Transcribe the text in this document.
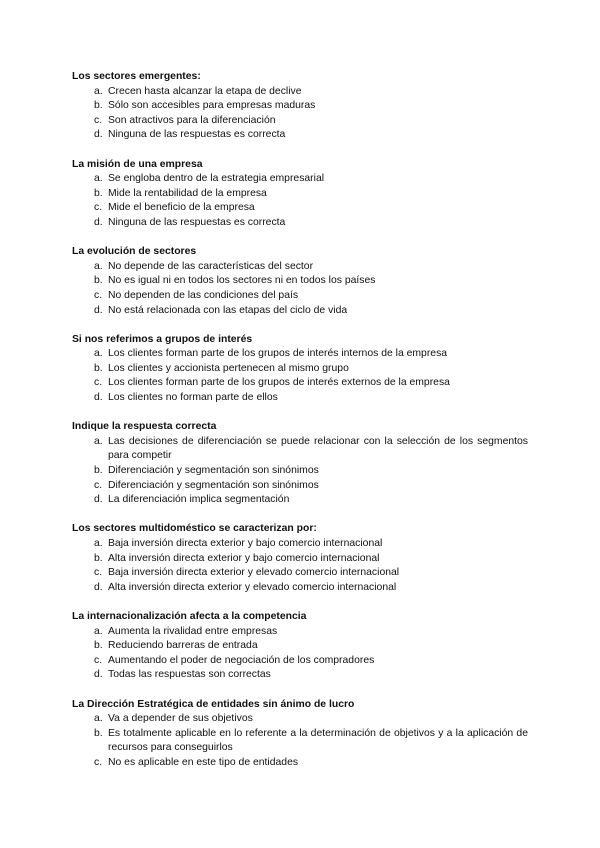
Los sectores emergentes:

a. Crecen hasta alcanzar la etapa de declive
b. Sólo son accesibles para empresas maduras
c. Son atractivos para la diferenciación
d. Ninguna de las respuestas es correcta

La misión de una empresa

a. Se engloba dentro de la estrategia empresarial
b. Mide la rentabilidad de la empresa
c. Mide el beneficio de la empresa
d. Ninguna de las respuestas es correcta

La evolución de sectores

a. No depende de las características del sector
b. No es igual ni en todos los sectores ni en todos los países
c. No dependen de las condiciones del país
d. No está relacionada con las etapas del ciclo de vida

Si nos referimos a grupos de interés

a. Los clientes forman parte de los grupos de interés internos de la empresa
b. Los clientes y accionista pertenecen al mismo grupo
c. Los clientes forman parte de los grupos de interés externos de la empresa
d. Los clientes no forman parte de ellos

Indique la respuesta correcta

a. Las decisiones de diferenciación se puede relacionar con la selección de los segmentos para competir
b. Diferenciación y segmentación son sinónimos
c. Diferenciación y segmentación son sinónimos
d. La diferenciación implica segmentación

Los sectores multidoméstico se caracterizan por:

a. Baja inversión directa exterior y bajo comercio internacional
b. Alta inversión directa exterior y bajo comercio internacional
c. Baja inversión directa exterior y elevado comercio internacional
d. Alta inversión directa exterior y elevado comercio internacional

La internacionalización afecta a la competencia

a. Aumenta la rivalidad entre empresas
b. Reduciendo barreras de entrada
c. Aumentando el poder de negociación de los compradores
d. Todas las respuestas son correctas

La Dirección Estratégica de entidades sin ánimo de lucro

a. Va a depender de sus objetivos
b. Es totalmente aplicable en lo referente a la determinación de objetivos y a la aplicación de recursos para conseguirlos
c. No es aplicable en este tipo de entidades
